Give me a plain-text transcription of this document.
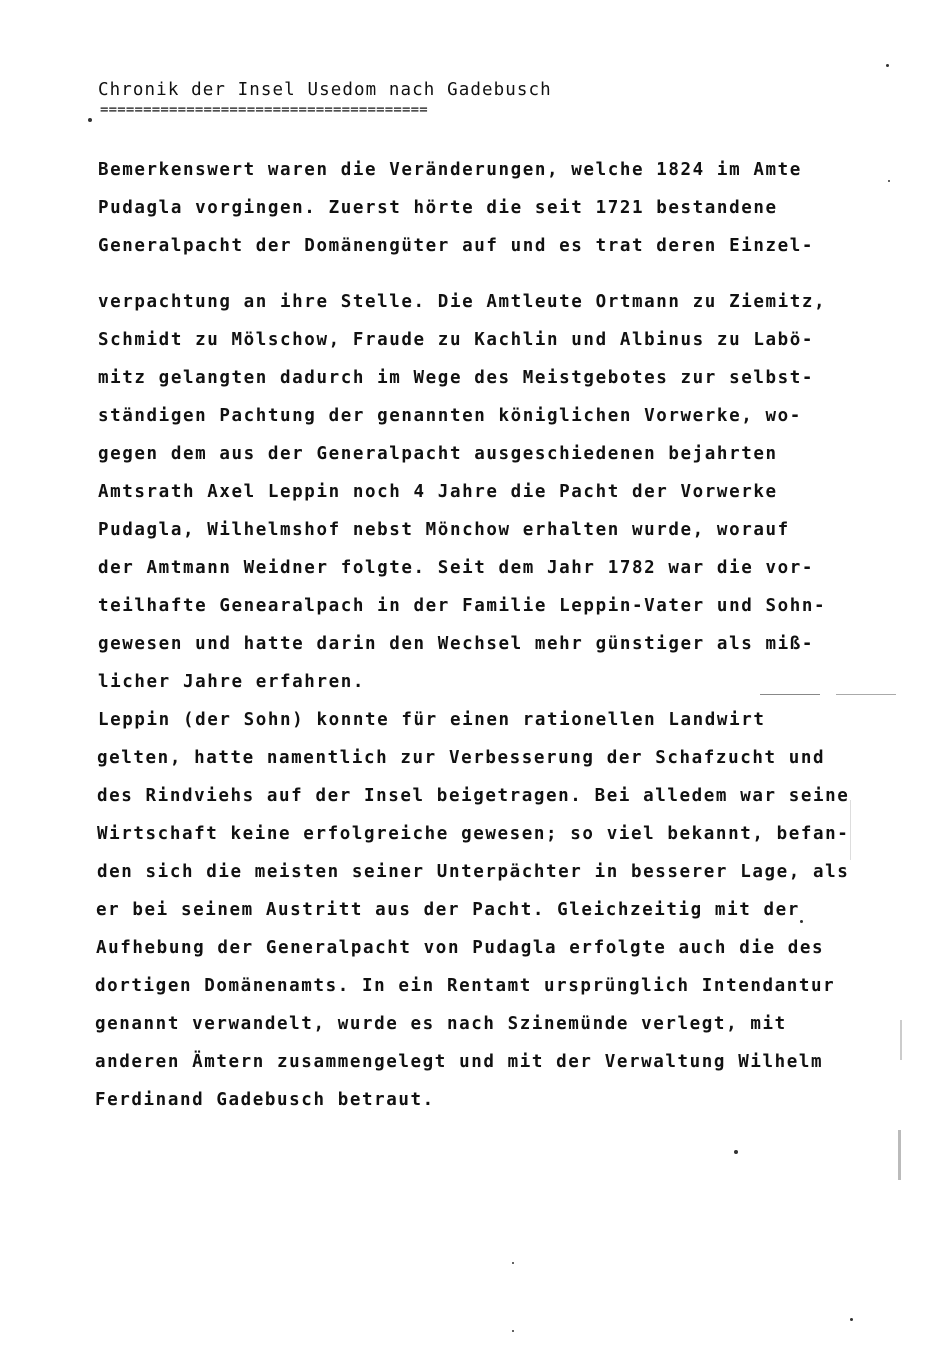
Chronik der Insel Usedom nach Gadebusch
======================================
Bemerkenswert waren die Veränderungen, welche 1824 im Amte
Pudagla vorgingen. Zuerst hörte die seit 1721 bestandene
Generalpacht der Domänengüter auf und es trat deren Einzel-
verpachtung an ihre Stelle. Die Amtleute Ortmann zu Ziemitz,
Schmidt zu Mölschow, Fraude zu Kachlin und Albinus zu Labö-
mitz gelangten dadurch im Wege des Meistgebotes zur selbst-
ständigen Pachtung der genannten königlichen Vorwerke, wo-
gegen dem aus der Generalpacht ausgeschiedenen bejahrten
Amtsrath Axel Leppin noch 4 Jahre die Pacht der Vorwerke
Pudagla, Wilhelmshof nebst Mönchow erhalten wurde, worauf
der Amtmann Weidner folgte. Seit dem Jahr 1782 war die vor-
teilhafte Genearalpach in der Familie Leppin-Vater und Sohn-
gewesen und hatte darin den Wechsel mehr günstiger als miß-
licher Jahre erfahren.
Leppin (der Sohn) konnte für einen rationellen Landwirt
gelten, hatte namentlich zur Verbesserung der Schafzucht und
des Rindviehs auf der Insel beigetragen. Bei alledem war seine
Wirtschaft keine erfolgreiche gewesen; so viel bekannt, befan-
den sich die meisten seiner Unterpächter in besserer Lage, als
er bei seinem Austritt aus der Pacht. Gleichzeitig mit der
Aufhebung der Generalpacht von Pudagla erfolgte auch die des
dortigen Domänenamts. In ein Rentamt ursprünglich Intendantur
genannt verwandelt, wurde es nach Szinemünde verlegt, mit
anderen Ämtern zusammengelegt und mit der Verwaltung Wilhelm
Ferdinand Gadebusch betraut.
